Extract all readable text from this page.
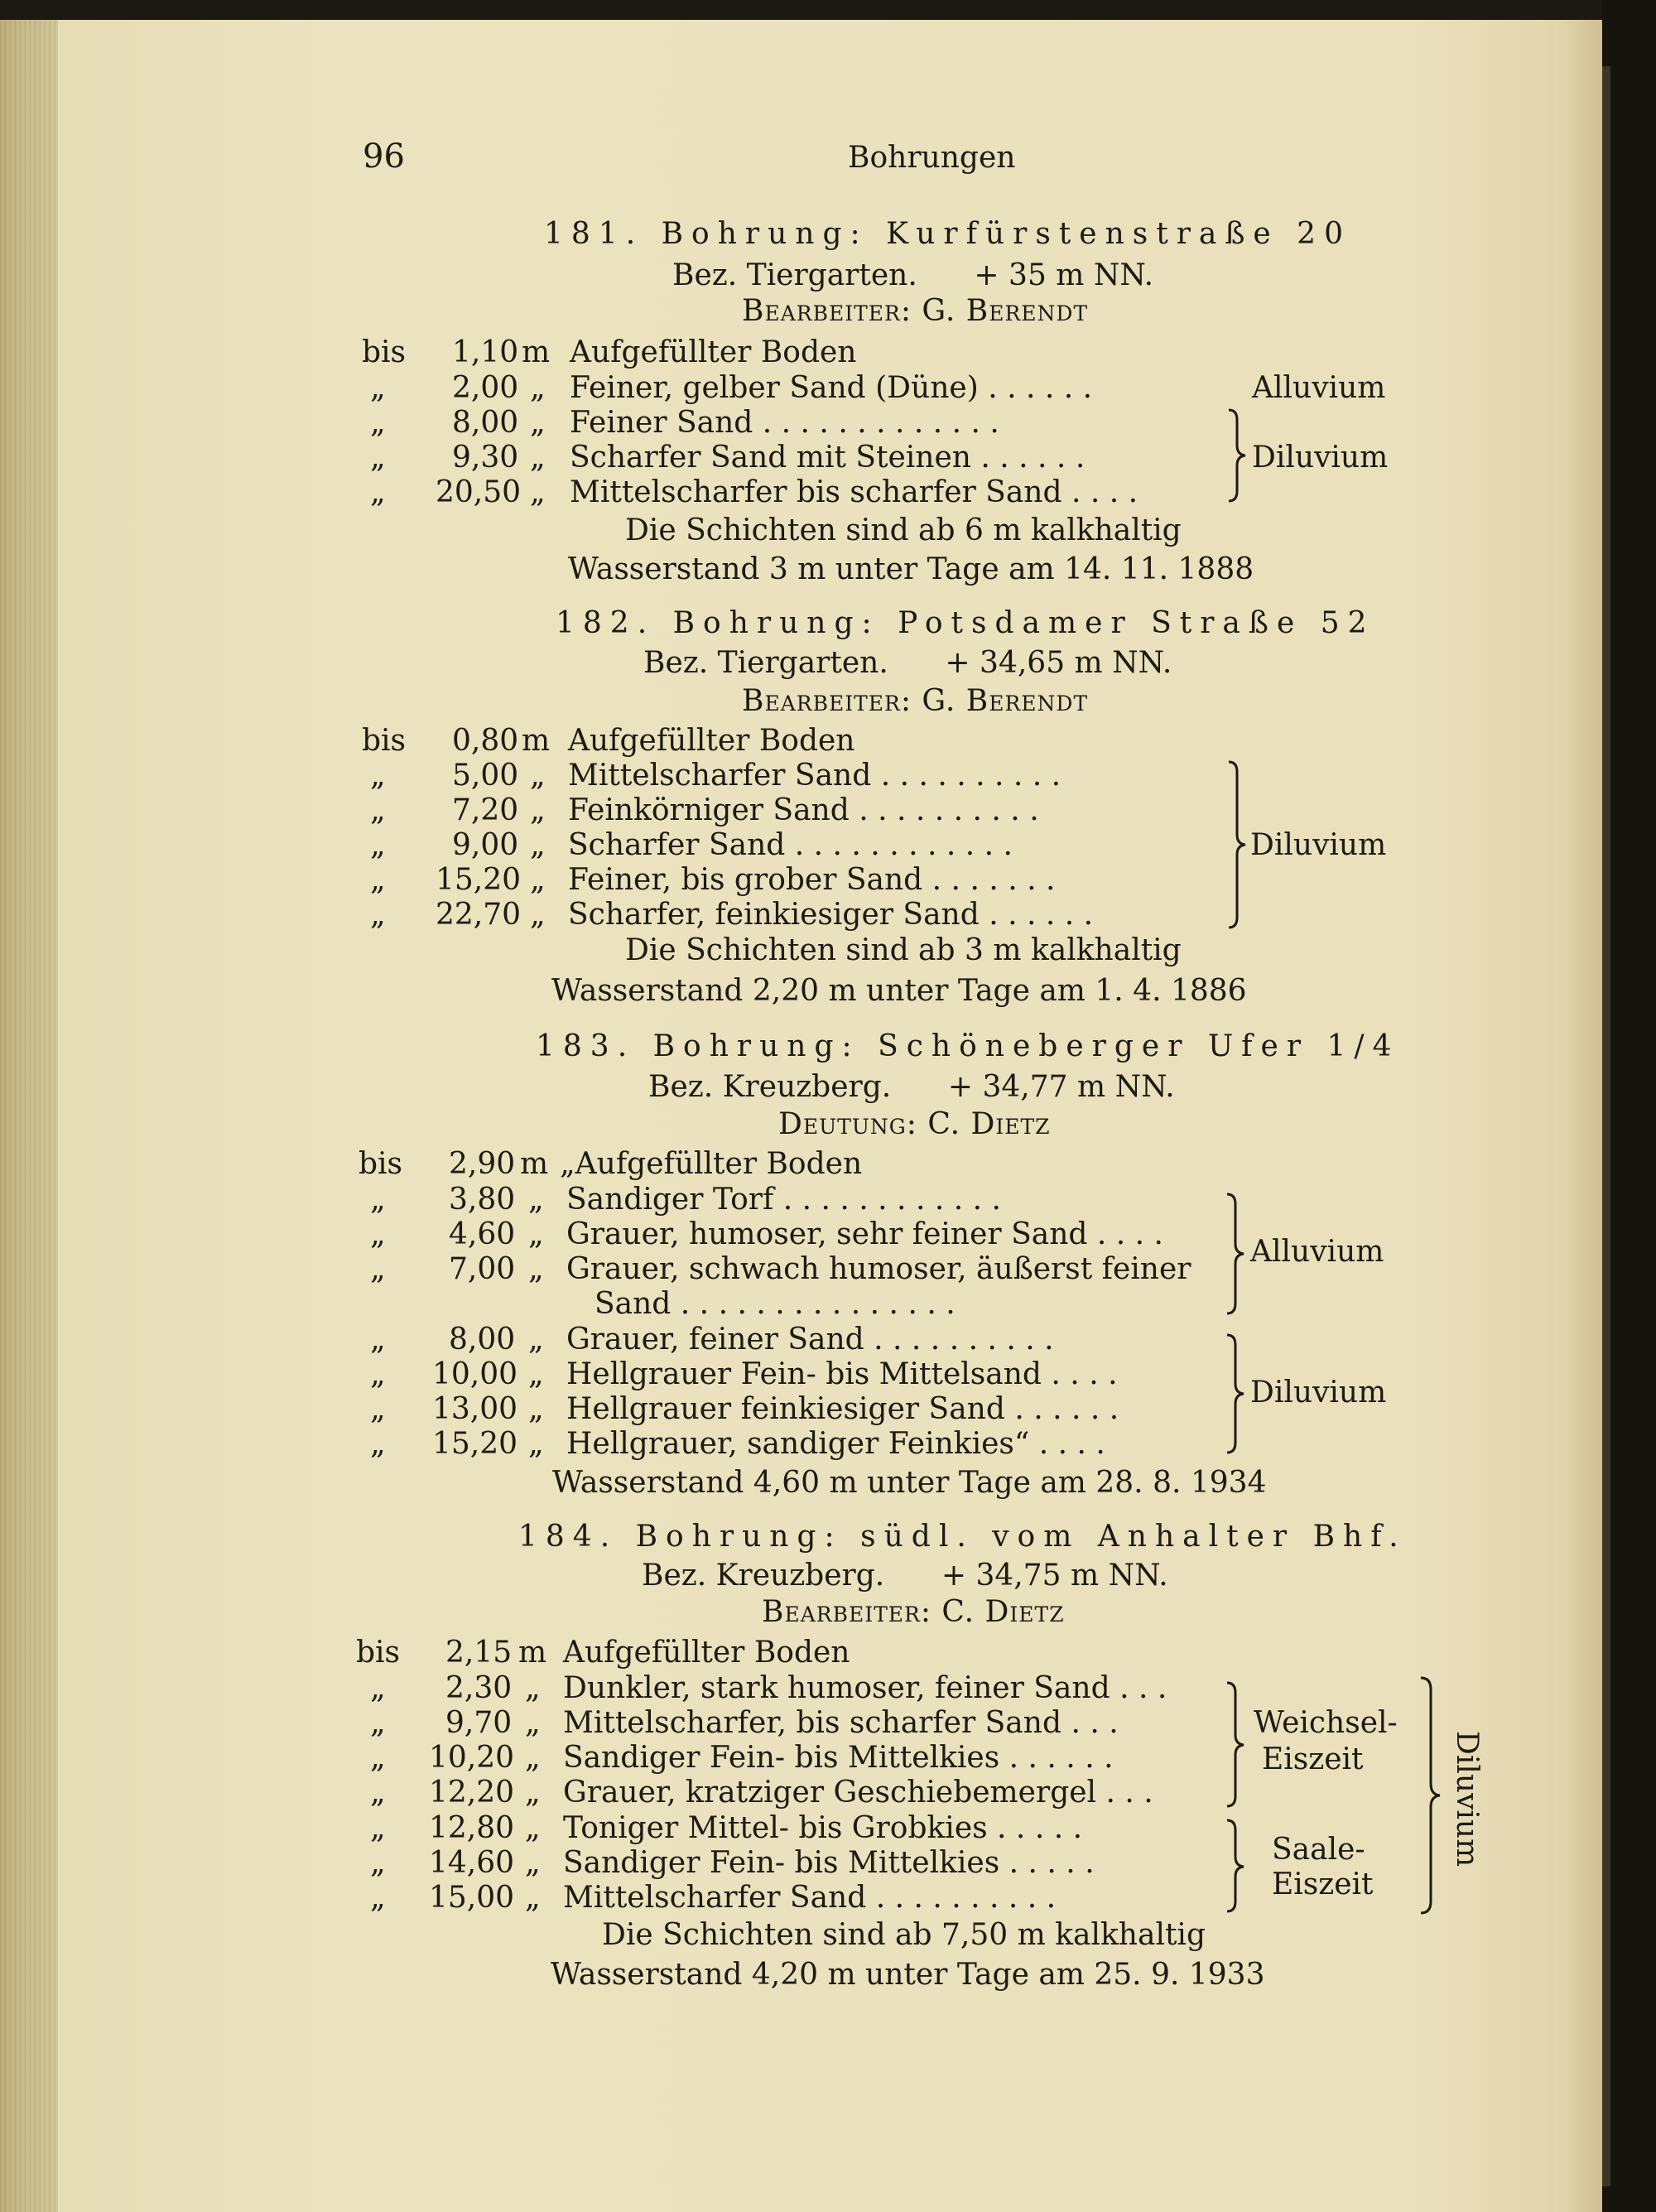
96	Bohrungen
181. Bohrung: Kurfürstenstraße 20
Bez. Tiergarten.      + 35 m NN.
Bearbeiter: G. Berendt
bis 1,10 m Aufgefüllter Boden
„ 2,00 „ Feiner, gelber Sand (Düne) . . . . . .
„ 8,00 „ Feiner Sand . . . . . . . . . . . . .
„ 9,30 „ Scharfer Sand mit Steinen . . . . . .
„ 20,50 „ Mittelscharfer bis scharfer Sand . . . .
Alluvium
Diluvium
Die Schichten sind ab 6 m kalkhaltig
Wasserstand 3 m unter Tage am 14. 11. 1888
182. Bohrung: Potsdamer Straße 52
Bez. Tiergarten.      + 34,65 m NN.
Bearbeiter: G. Berendt
bis 0,80 m Aufgefüllter Boden
„ 5,00 „ Mittelscharfer Sand . . . . . . . . . .
„ 7,20 „ Feinkörniger Sand . . . . . . . . . .
„ 9,00 „ Scharfer Sand . . . . . . . . . . . .
„ 15,20 „ Feiner, bis grober Sand . . . . . . .
„ 22,70 „ Scharfer, feinkiesiger Sand . . . . . .
Diluvium
Die Schichten sind ab 3 m kalkhaltig
Wasserstand 2,20 m unter Tage am 1. 4. 1886
183. Bohrung: Schöneberger Ufer 1/4
Bez. Kreuzberg.      + 34,77 m NN.
Deutung: C. Dietz
bis 2,90 m „Aufgefüllter Boden
„ 3,80 „ Sandiger Torf . . . . . . . . . . . .
„ 4,60 „ Grauer, humoser, sehr feiner Sand . . . .
„ 7,00 „ Grauer, schwach humoser, äußerst feiner
Sand . . . . . . . . . . . . . . .
„ 8,00 „ Grauer, feiner Sand . . . . . . . . . .
„ 10,00 „ Hellgrauer Fein- bis Mittelsand . . . .
„ 13,00 „ Hellgrauer feinkiesiger Sand . . . . . .
„ 15,20 „ Hellgrauer, sandiger Feinkies“ . . . .
Alluvium
Diluvium
Wasserstand 4,60 m unter Tage am 28. 8. 1934
184. Bohrung: südl. vom Anhalter Bhf.
Bez. Kreuzberg.      + 34,75 m NN.
Bearbeiter: C. Dietz
bis 2,15 m Aufgefüllter Boden
„ 2,30 „ Dunkler, stark humoser, feiner Sand . . .
„ 9,70 „ Mittelscharfer, bis scharfer Sand . . .
„ 10,20 „ Sandiger Fein- bis Mittelkies . . . . . .
„ 12,20 „ Grauer, kratziger Geschiebemergel . . .
„ 12,80 „ Toniger Mittel- bis Grobkies . . . . .
„ 14,60 „ Sandiger Fein- bis Mittelkies . . . . .
„ 15,00 „ Mittelscharfer Sand . . . . . . . . . .
Weichsel-
Eiszeit
Saale-
Eiszeit
Diluvium
Die Schichten sind ab 7,50 m kalkhaltig
Wasserstand 4,20 m unter Tage am 25. 9. 1933
